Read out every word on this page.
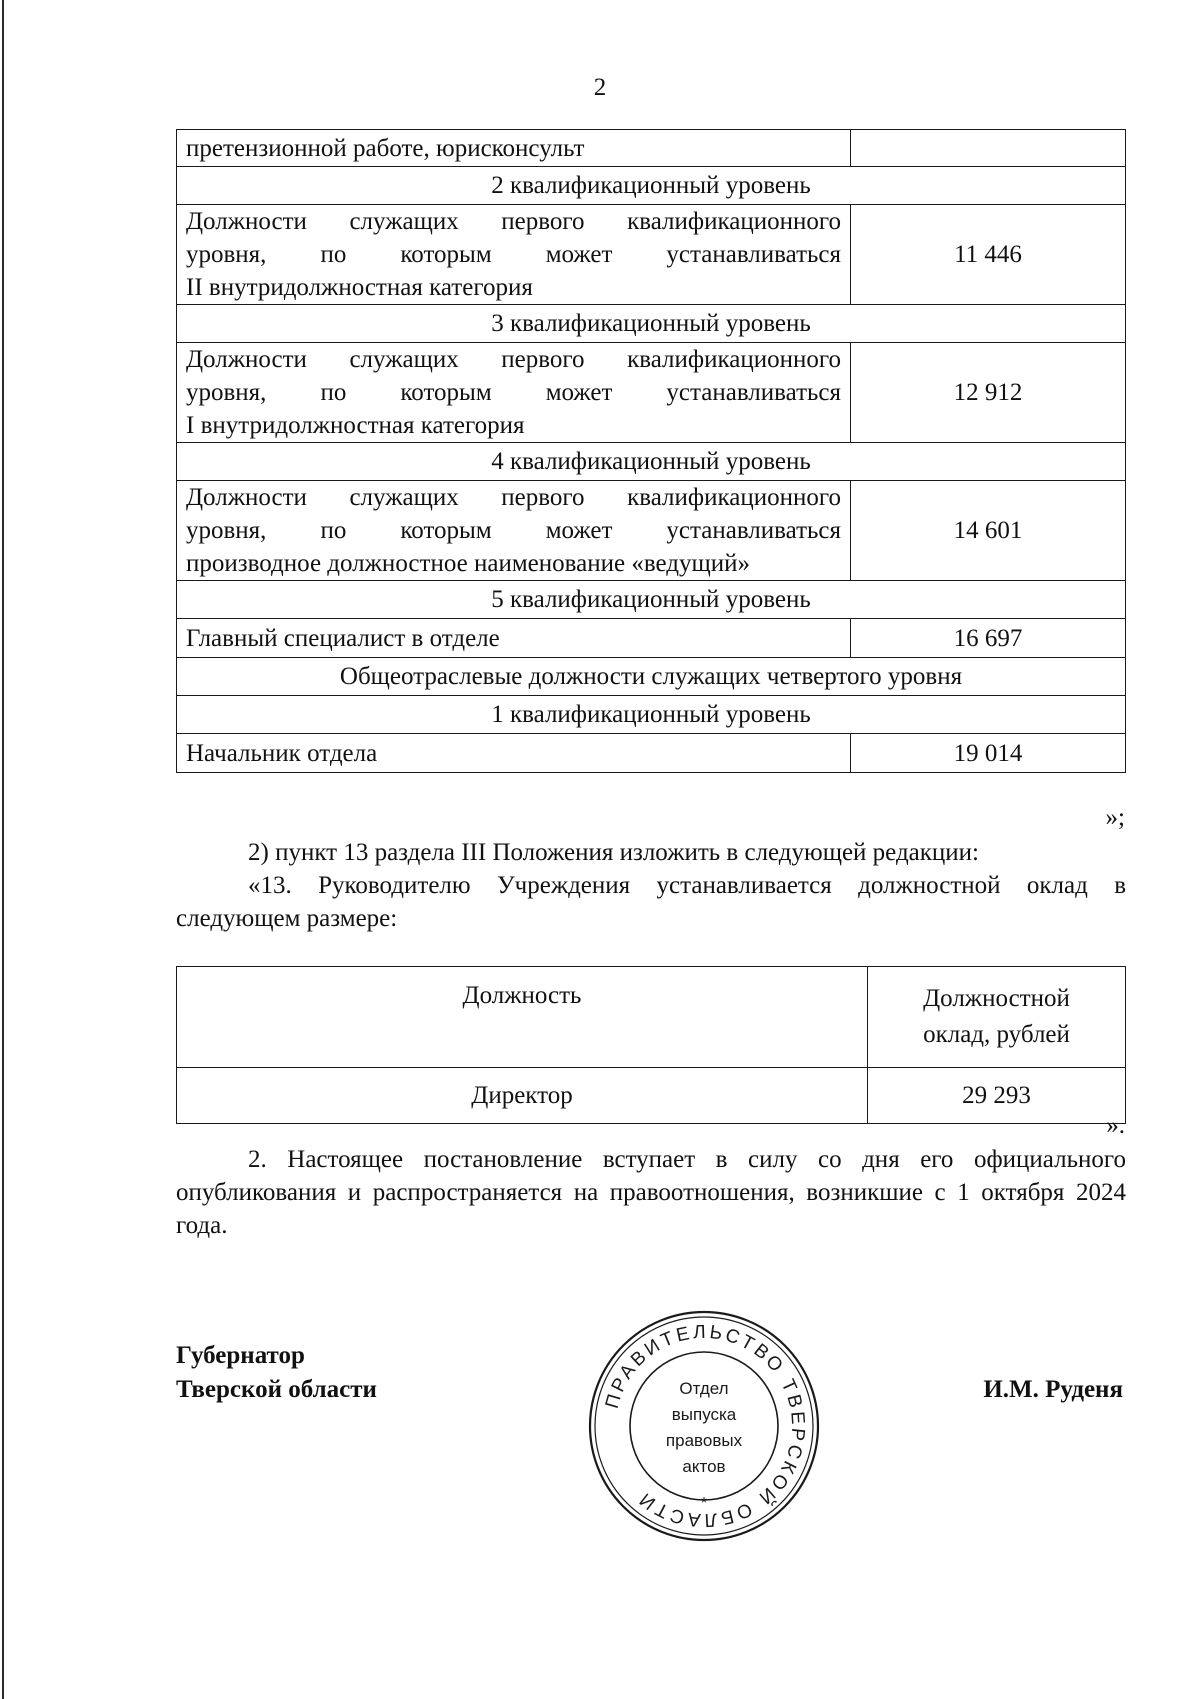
2
претензионной работе, юрисконсульт	
2 квалификационный уровень	

Должности служащих первого квалификационного
уровня, по которым может устанавливаться
II внутридолжностная категория	11 446
3 квалификационный уровень	

Должности служащих первого квалификационного
уровня, по которым может устанавливаться
I внутридолжностная категория	12 912
4 квалификационный уровень	

Должности служащих первого квалификационного
уровня, по которым может устанавливаться
производное должностное наименование «ведущий»	14 601
5 квалификационный уровень	
Главный специалист в отделе	16 697
Общеотраслевые должности служащих четвертого уровня	
1 квалификационный уровень	
Начальник отдела	19 014
»;
2) пункт 13 раздела III Положения изложить в следующей редакции:
«13. Руководителю Учреждения устанавливается должностной оклад в следующем размере:
Должность	Должностной
оклад, рублей

Директор	29 293
».
2. Настоящее постановление вступает в силу со дня его официального опубликования и распространяется на правоотношения, возникшие с 1 октября 2024 года.
Губернатор
Тверской области	И.М. Руденя
ПРАВИТЕЛЬСТВО ТВЕРСКОЙ ОБЛАСТИ	*
Отдел
выпуска
правовых
актов
